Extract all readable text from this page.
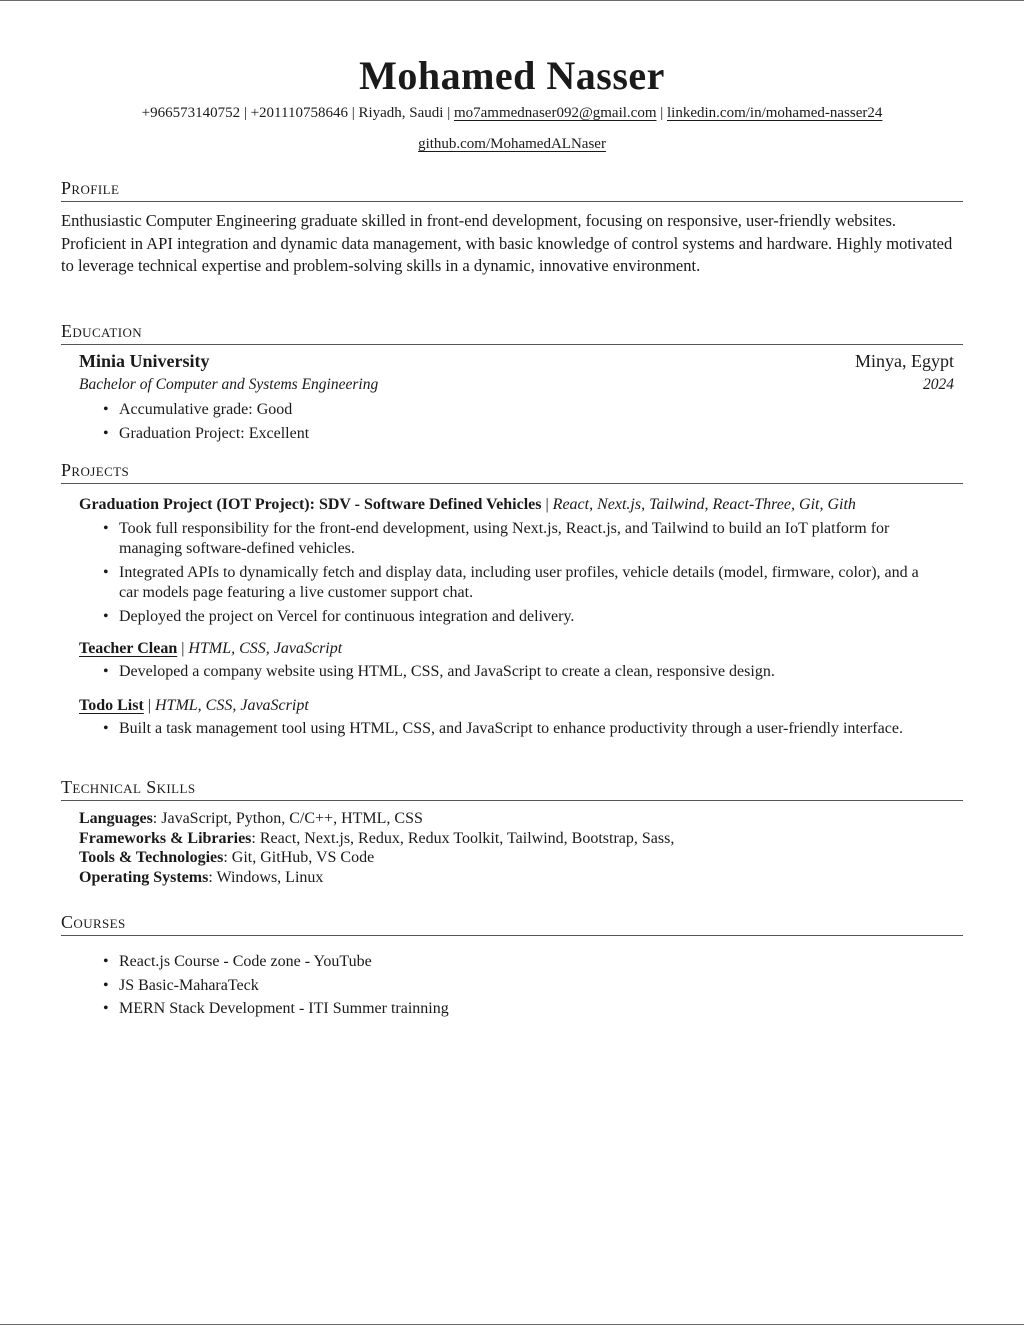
Mohamed Nasser
+966573140752 | +201110758646 | Riyadh, Saudi | mo7ammednaser092@gmail.com | linkedin.com/in/mohamed-nasser24
github.com/MohamedALNaser
Profile
Enthusiastic Computer Engineering graduate skilled in front-end development, focusing on responsive, user-friendly websites. Proficient in API integration and dynamic data management, with basic knowledge of control systems and hardware. Highly motivated to leverage technical expertise and problem-solving skills in a dynamic, innovative environment.
Education
Minia University	Minya, Egypt
Bachelor of Computer and Systems Engineering	2024
• Accumulative grade: Good
• Graduation Project: Excellent
Projects
Graduation Project (IOT Project): SDV - Software Defined Vehicles | React, Next.js, Tailwind, React-Three, Git, Gith
• Took full responsibility for the front-end development, using Next.js, React.js, and Tailwind to build an IoT platform for managing software-defined vehicles.
• Integrated APIs to dynamically fetch and display data, including user profiles, vehicle details (model, firmware, color), and a car models page featuring a live customer support chat.
• Deployed the project on Vercel for continuous integration and delivery.
Teacher Clean | HTML, CSS, JavaScript
• Developed a company website using HTML, CSS, and JavaScript to create a clean, responsive design.
Todo List | HTML, CSS, JavaScript
• Built a task management tool using HTML, CSS, and JavaScript to enhance productivity through a user-friendly interface.
Technical Skills
Languages: JavaScript, Python, C/C++, HTML, CSS
Frameworks & Libraries: React, Next.js, Redux, Redux Toolkit, Tailwind, Bootstrap, Sass,
Tools & Technologies: Git, GitHub, VS Code
Operating Systems: Windows, Linux
Courses
• React.js Course - Code zone - YouTube
• JS Basic-MaharaTeck
• MERN Stack Development - ITI Summer trainning
